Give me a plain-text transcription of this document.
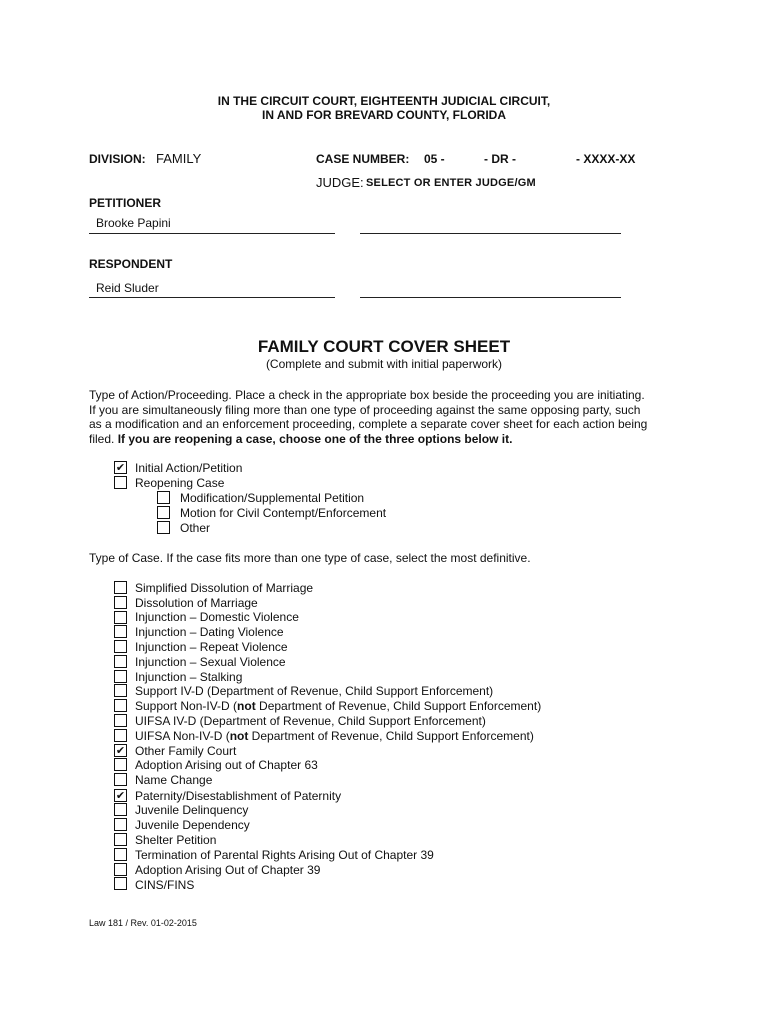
IN THE CIRCUIT COURT, EIGHTEENTH JUDICIAL CIRCUIT,
IN AND FOR BREVARD COUNTY, FLORIDA
DIVISION: FAMILY	CASE NUMBER: 05 -	- DR -	- XXXX-XX
JUDGE: SELECT OR ENTER JUDGE/GM
PETITIONER
Brooke Papini
RESPONDENT
Reid Sluder
FAMILY COURT COVER SHEET
(Complete and submit with initial paperwork)
Type of Action/Proceeding. Place a check in the appropriate box beside the proceeding you are initiating.
If you are simultaneously filing more than one type of proceeding against the same opposing party, such
as a modification and an enforcement proceeding, complete a separate cover sheet for each action being
filed. If you are reopening a case, choose one of the three options below it.
✔ Initial Action/Petition
Reopening Case
Modification/Supplemental Petition
Motion for Civil Contempt/Enforcement
Other
Type of Case. If the case fits more than one type of case, select the most definitive.
Simplified Dissolution of Marriage
Dissolution of Marriage
Injunction – Domestic Violence
Injunction – Dating Violence
Injunction – Repeat Violence
Injunction – Sexual Violence
Injunction – Stalking
Support IV-D (Department of Revenue, Child Support Enforcement)
Support Non-IV-D (not Department of Revenue, Child Support Enforcement)
UIFSA IV-D (Department of Revenue, Child Support Enforcement)
UIFSA Non-IV-D (not Department of Revenue, Child Support Enforcement)
✔ Other Family Court
Adoption Arising out of Chapter 63
Name Change
✔ Paternity/Disestablishment of Paternity
Juvenile Delinquency
Juvenile Dependency
Shelter Petition
Termination of Parental Rights Arising Out of Chapter 39
Adoption Arising Out of Chapter 39
CINS/FINS
Law 181 / Rev. 01-02-2015
